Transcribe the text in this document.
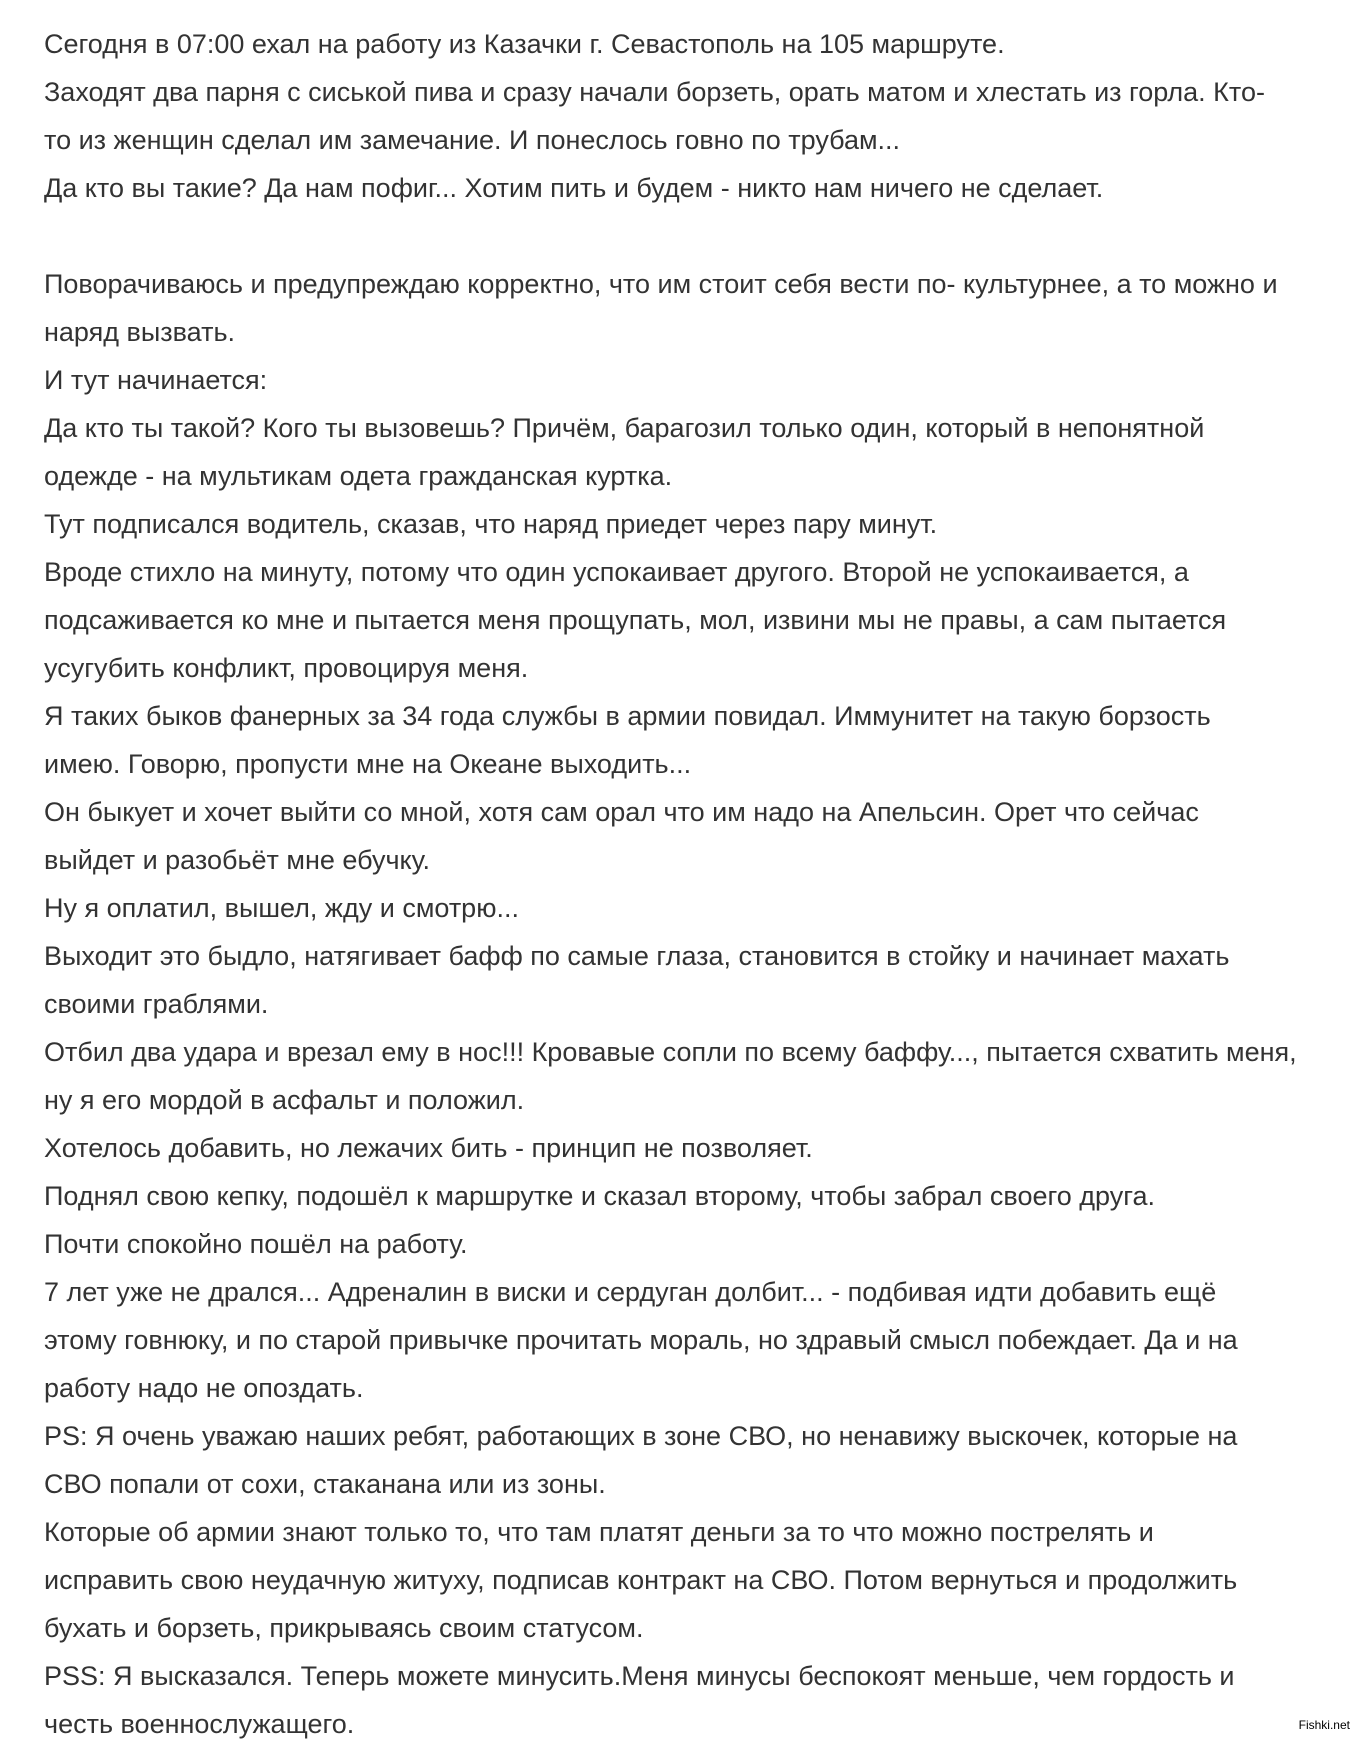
Сегодня в 07:00 ехал на работу из Казачки г. Севастополь на 105 маршруте.
Заходят два парня с сиськой пива и сразу начали борзеть, орать матом и хлестать из горла. Кто-
то из женщин сделал им замечание. И понеслось говно по трубам...
Да кто вы такие? Да нам пофиг... Хотим пить и будем - никто нам ничего не сделает.
Поворачиваюсь и предупреждаю корректно, что им стоит себя вести по- культурнее, а то можно и
наряд вызвать.
И тут начинается:
Да кто ты такой? Кого ты вызовешь? Причём, барагозил только один, который в непонятной
одежде - на мультикам одета гражданская куртка.
Тут подписался водитель, сказав, что наряд приедет через пару минут.
Вроде стихло на минуту, потому что один успокаивает другого. Второй не успокаивается, а
подсаживается ко мне и пытается меня прощупать, мол, извини мы не правы, а сам пытается
усугубить конфликт, провоцируя меня.
Я таких быков фанерных за 34 года службы в армии повидал. Иммунитет на такую борзость
имею. Говорю, пропусти мне на Океане выходить...
Он быкует и хочет выйти со мной, хотя сам орал что им надо на Апельсин. Орет что сейчас
выйдет и разобьёт мне ебучку.
Ну я оплатил, вышел, жду и смотрю...
Выходит это быдло, натягивает бафф по самые глаза, становится в стойку и начинает махать
своими граблями.
Отбил два удара и врезал ему в нос!!! Кровавые сопли по всему баффу..., пытается схватить меня,
ну я его мордой в асфальт и положил.
Хотелось добавить, но лежачих бить - принцип не позволяет.
Поднял свою кепку, подошёл к маршрутке и сказал второму, чтобы забрал своего друга.
Почти спокойно пошёл на работу.
7 лет уже не дрался... Адреналин в виски и сердуган долбит... - подбивая идти добавить ещё
этому говнюку, и по старой привычке прочитать мораль, но здравый смысл побеждает. Да и на
работу надо не опоздать.
PS: Я очень уважаю наших ребят, работающих в зоне СВО, но ненавижу выскочек, которые на
СВО попали от сохи, стаканана или из зоны.
Которые об армии знают только то, что там платят деньги за то что можно пострелять и
исправить свою неудачную житуху, подписав контракт на СВО. Потом вернуться и продолжить
бухать и борзеть, прикрываясь своим статусом.
PSS: Я высказался. Теперь можете минусить.Меня минусы беспокоят меньше, чем гордость и
честь военнослужащего.	Fishki.net
